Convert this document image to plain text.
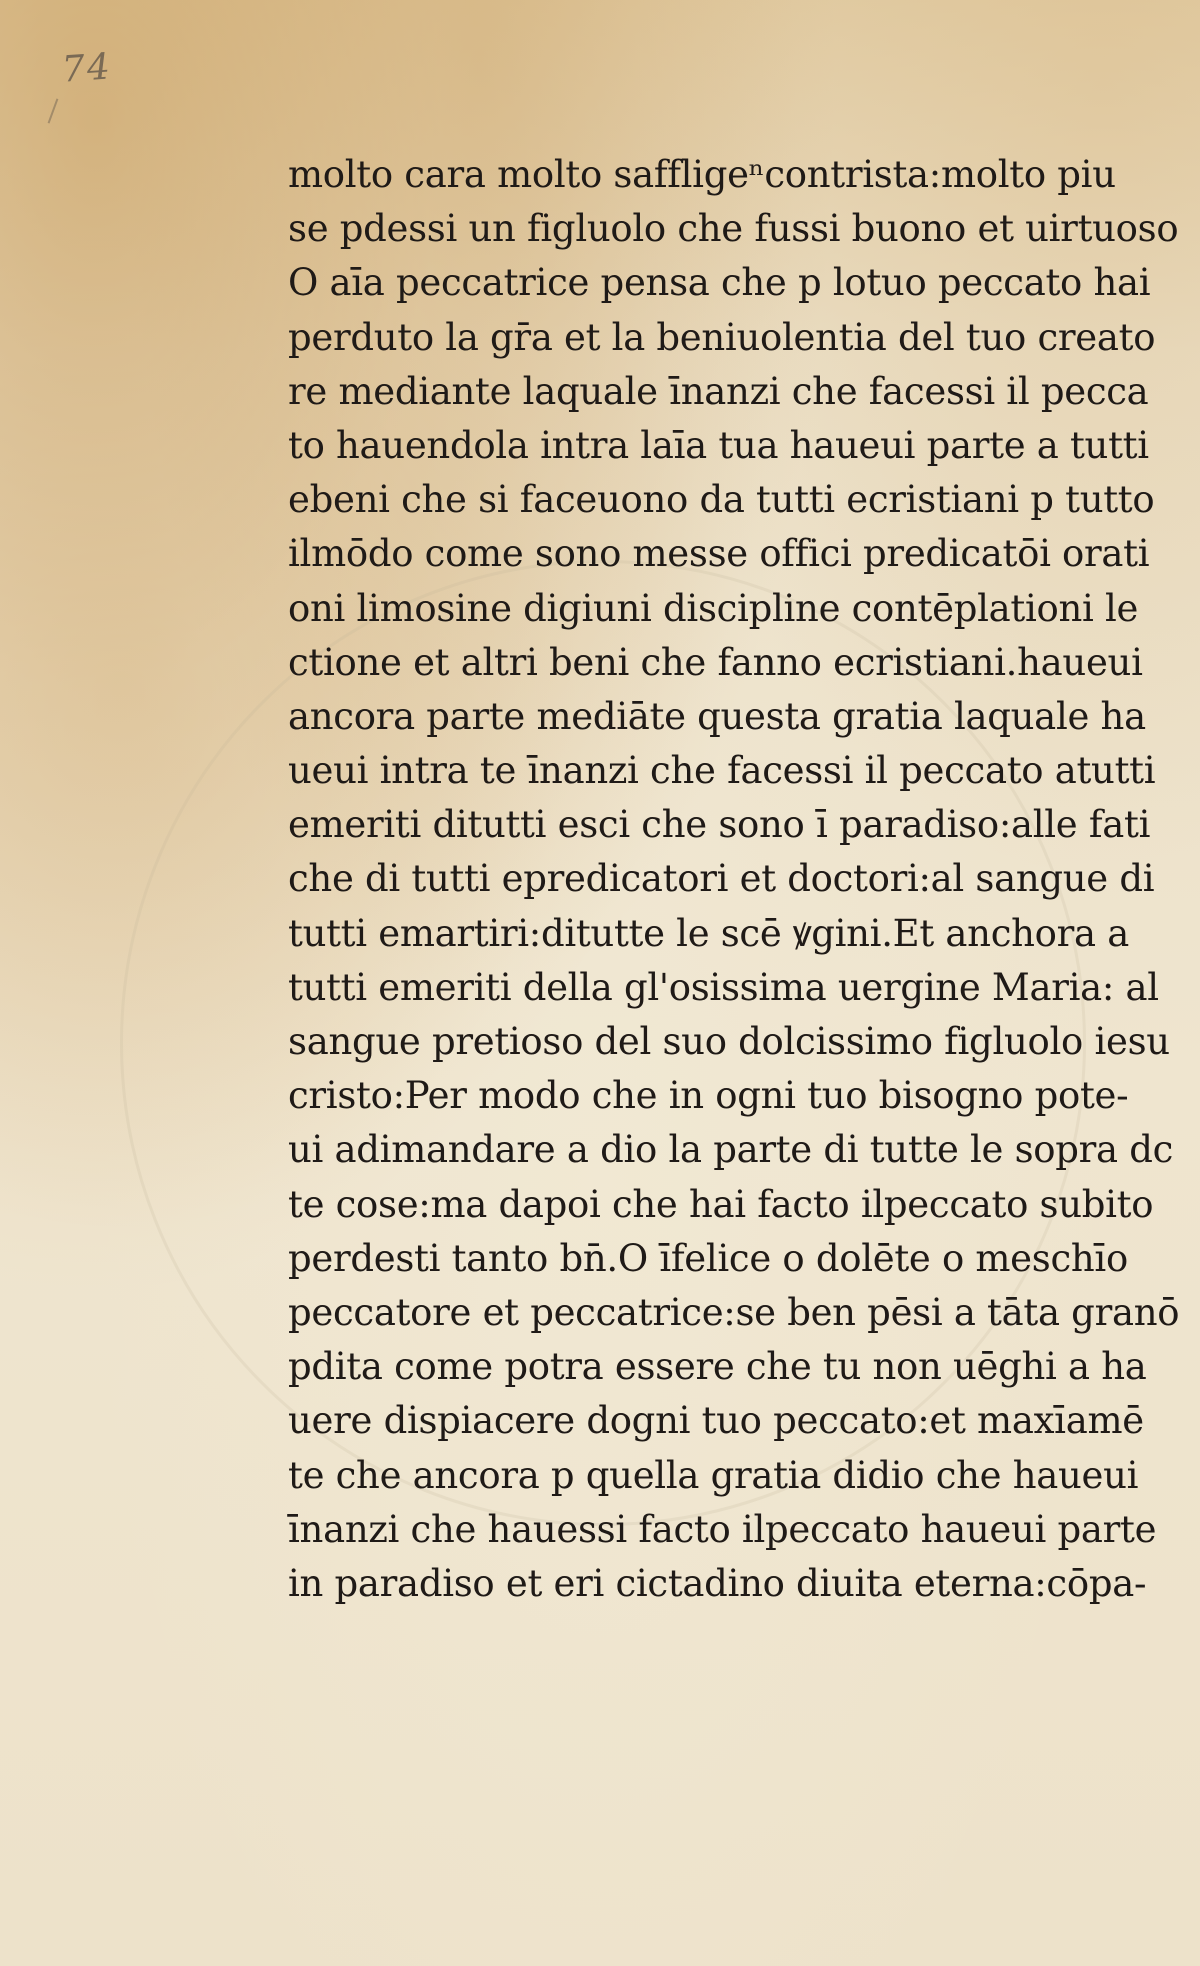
74
molto cara molto saffligeⁿcontrista:molto piu
se pdessi un figluolo che fussi buono et uirtuoso
O aīa peccatrice pensa che p lotuo peccato hai
perduto la gr̄a et la beniuolentia del tuo creato
re mediante laquale īnanzi che facessi il pecca
to hauendola intra laīa tua haueui parte a tutti
ebeni che si faceuono da tutti ecristiani p tutto
ilmōdo come sono messe offici predicatōi orati
oni limosine digiuni discipline contēplationi le
ctione et altri beni che fanno ecristiani.haueui
ancora parte mediāte questa gratia laquale ha
ueui intra te īnanzi che facessi il peccato atutti
emeriti ditutti esci che sono ī paradiso:alle fati
che di tutti epredicatori et doctori:al sangue di
tutti emartiri:ditutte le scē ꝟgini.Et anchora a
tutti emeriti della gl'osissima uergine Maria: al
sangue pretioso del suo dolcissimo figluolo iesu
cristo:Per modo che in ogni tuo bisogno pote-
ui adimandare a dio la parte di tutte le sopra dc
te cose:ma dapoi che hai facto ilpeccato subito
perdesti tanto bn̄.O īfelice o dolēte o meschīo
peccatore et peccatrice:se ben pēsi a tāta granō
pdita come potra essere che tu non uēghi a ha
uere dispiacere dogni tuo peccato:et maxīamē
te che ancora p quella gratia didio che haueui
īnanzi che hauessi facto ilpeccato haueui parte
in paradiso et eri cictadino diuita eterna:cōpa-
